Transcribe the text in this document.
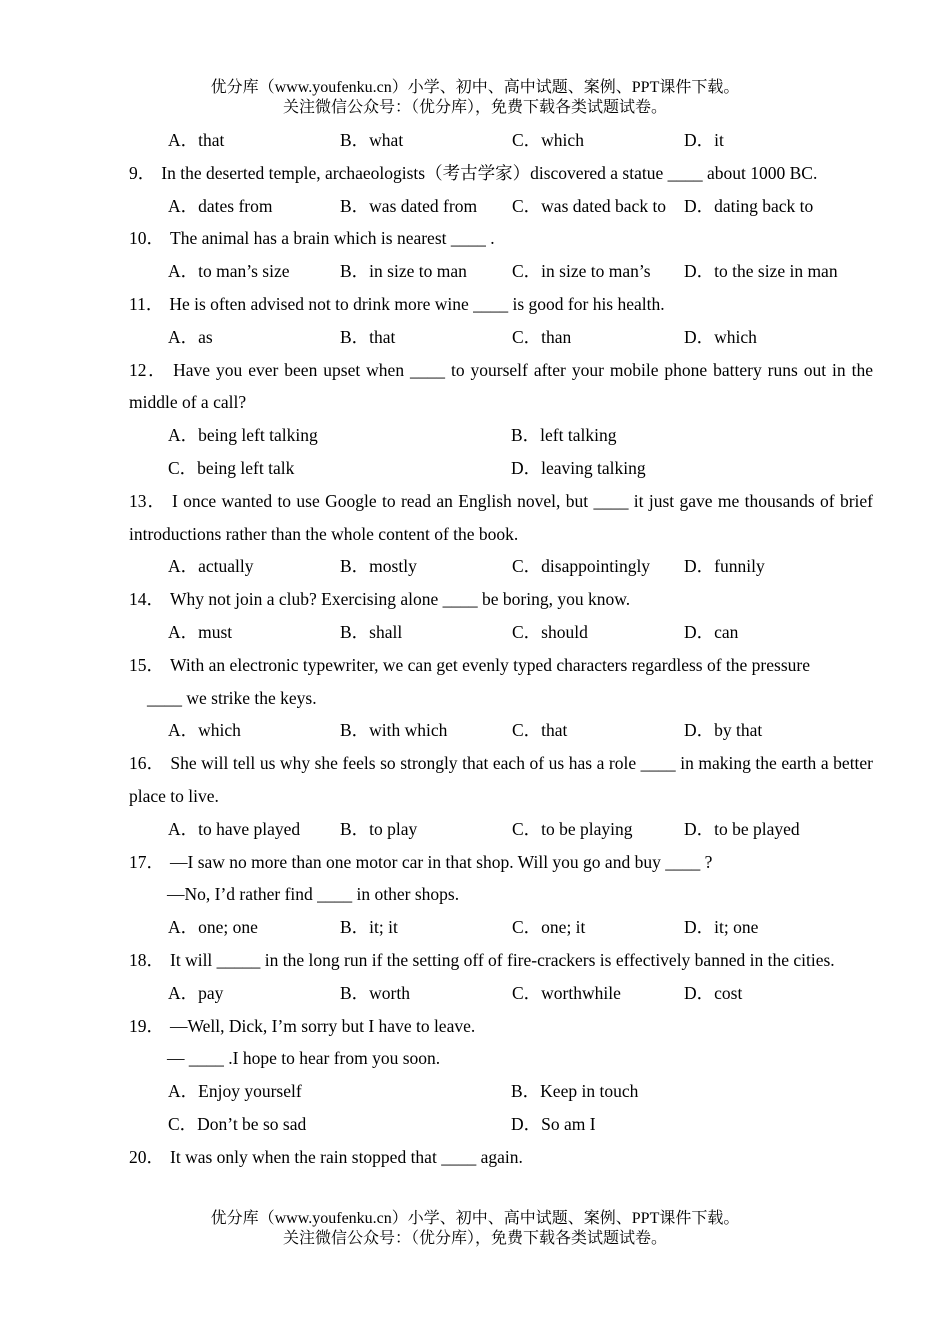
优分库（www.youfenku.cn）小学、初中、高中试题、案例、PPT课件下载。
关注微信公众号：（优分库），免费下载各类试题试卷。
A．that	B．what	C．which	D．it

9． In the deserted temple, archaeologists（考古学家）discovered a statue ____ about 1000 BC.

A．dates from	B．was dated from	C．was dated back to	D．dating back to

10． The animal has a brain which is nearest ____ .

A．to man’s size	B．in size to man	C．in size to man’s	D．to the size in man

11． He is often advised not to drink more wine ____ is good for his health.

A．as	B．that	C．than	D．which

12． Have you ever been upset when ____ to yourself after your mobile phone battery runs out in the middle of a call?

A．being left talking	B．left talking
C．being left talk	D．leaving talking

13． I once wanted to use Google to read an English novel, but ____ it just gave me thousands of brief introductions rather than the whole content of the book.

A．actually	B．mostly	C．disappointingly	D．funnily

14． Why not join a club? Exercising alone ____ be boring, you know.

A．must	B．shall	C．should	D．can

15． With an electronic typewriter, we can get evenly typed characters regardless of the pressure

____ we strike the keys.

A．which	B．with which	C．that	D．by that

16． She will tell us why she feels so strongly that each of us has a role ____ in making the earth a better place to live.

A．to have played	B．to play	C．to be playing	D．to be played

17． —I saw no more than one motor car in that shop. Will you go and buy ____ ?

—No, I’d rather find ____ in other shops.

A．one; one	B．it; it	C．one; it	D．it; one

18． It will _____ in the long run if the setting off of fire-crackers is effectively banned in the cities.

A．pay	B．worth	C．worthwhile	D．cost

19． —Well, Dick, I’m sorry but I have to leave.

— ____ .I hope to hear from you soon.

A．Enjoy yourself	B．Keep in touch
C．Don’t be so sad	D．So am I

20． It was only when the rain stopped that ____ again.

优分库（www.youfenku.cn）小学、初中、高中试题、案例、PPT课件下载。
关注微信公众号：（优分库），免费下载各类试题试卷。
